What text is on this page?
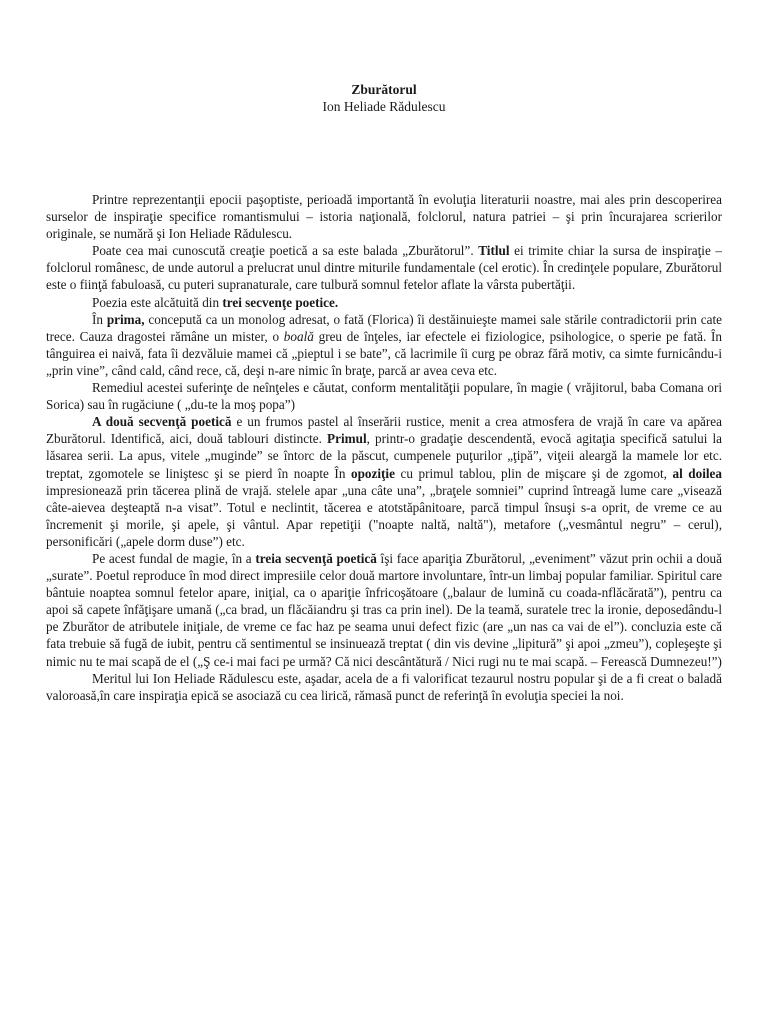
Zburătorul
Ion Heliade Rădulescu

Printre reprezentanţii epocii paşoptiste, perioadă importantă în evoluţia literaturii noastre, mai ales prin descoperirea surselor de inspiraţie specifice romantismului – istoria naţională, folclorul, natura patriei – şi prin încurajarea scrierilor originale, se numără şi Ion Heliade Rădulescu.

Poate cea mai cunoscută creaţie poetică a sa este balada „Zburătorul”. Titlul ei trimite chiar la sursa de inspiraţie – folclorul românesc, de unde autorul a prelucrat unul dintre miturile fundamentale (cel erotic). În credinţele populare, Zburătorul este o fiinţă fabuloasă, cu puteri supranaturale, care tulbură somnul fetelor aflate la vârsta pubertăţii.

Poezia este alcătuită din trei secvenţe poetice.

În prima, concepută ca un monolog adresat, o fată (Florica) îi destăinuieşte mamei sale stările contradictorii prin cate trece. Cauza dragostei rămâne un mister, o boală greu de înţeles, iar efectele ei fiziologice, psihologice, o sperie pe fată. În tânguirea ei naivă, fata îi dezvăluie mamei că „pieptul i se bate”, că lacrimile îi curg pe obraz fără motiv, ca simte furnicându-i „prin vine”, când cald, când rece, că, deşi n-are nimic în braţe, parcă ar avea ceva etc.

Remediul acestei suferinţe de neînţeles e căutat, conform mentalităţii populare, în magie ( vrăjitorul, baba Comana ori Sorica) sau în rugăciune ( „du-te la moş popa”)

A două secvenţă poetică e un frumos pastel al înserării rustice, menit a crea atmosfera de vrajă în care va apărea Zburătorul. Identifică, aici, două tablouri distincte. Primul, printr-o gradaţie descendentă, evocă agitaţia specifică satului la lăsarea serii. La apus, vitele „muginde” se întorc de la păscut, cumpenele puţurilor „ţipă”, viţeii aleargă la mamele lor etc. treptat, zgomotele se liniştesc şi se pierd în noapte În opoziţie cu primul tablou, plin de mişcare şi de zgomot, al doilea impresionează prin tăcerea plină de vrajă. stelele apar „una câte una”, „braţele somniei” cuprind întreagă lume care „visează câte-aievea deşteaptă n-a visat”. Totul e neclintit, tăcerea e atotstăpânitoare, parcă timpul însuşi s-a oprit, de vreme ce au încremenit şi morile, şi apele, şi vântul. Apar repetiţii ("noapte naltă, naltă"), metafore („vesmântul negru” – cerul), personificări („apele dorm duse”) etc.

Pe acest fundal de magie, în a treia secvenţă poetică îşi face apariţia Zburătorul, „eveniment” văzut prin ochii a două „surate”. Poetul reproduce în mod direct impresiile celor două martore involuntare, într-un limbaj popular familiar. Spiritul care bântuie noaptea somnul fetelor apare, iniţial, ca o apariţie înfricoşătoare („balaur de lumină cu coada-nflăcărată”), pentru ca apoi să capete înfăţişare umană („ca brad, un flăcăiandru şi tras ca prin inel). De la teamă, suratele trec la ironie, deposedându-l pe Zburător de atributele iniţiale, de vreme ce fac haz pe seama unui defect fizic (are „un nas ca vai de el”). concluzia este că fata trebuie să fugă de iubit, pentru că sentimentul se insinuează treptat ( din vis devine „lipitură” şi apoi „zmeu”), copleşeşte şi nimic nu te mai scapă de el („Ş ce-i mai faci pe urmă? Că nici descântătură / Nici rugi nu te mai scapă. – Ferească Dumnezeu!”)

Meritul lui Ion Heliade Rădulescu este, aşadar, acela de a fi valorificat tezaurul nostru popular şi de a fi creat o baladă valoroasă,în care inspiraţia epică se asociază cu cea lirică, rămasă punct de referinţă în evoluţia speciei la noi.
